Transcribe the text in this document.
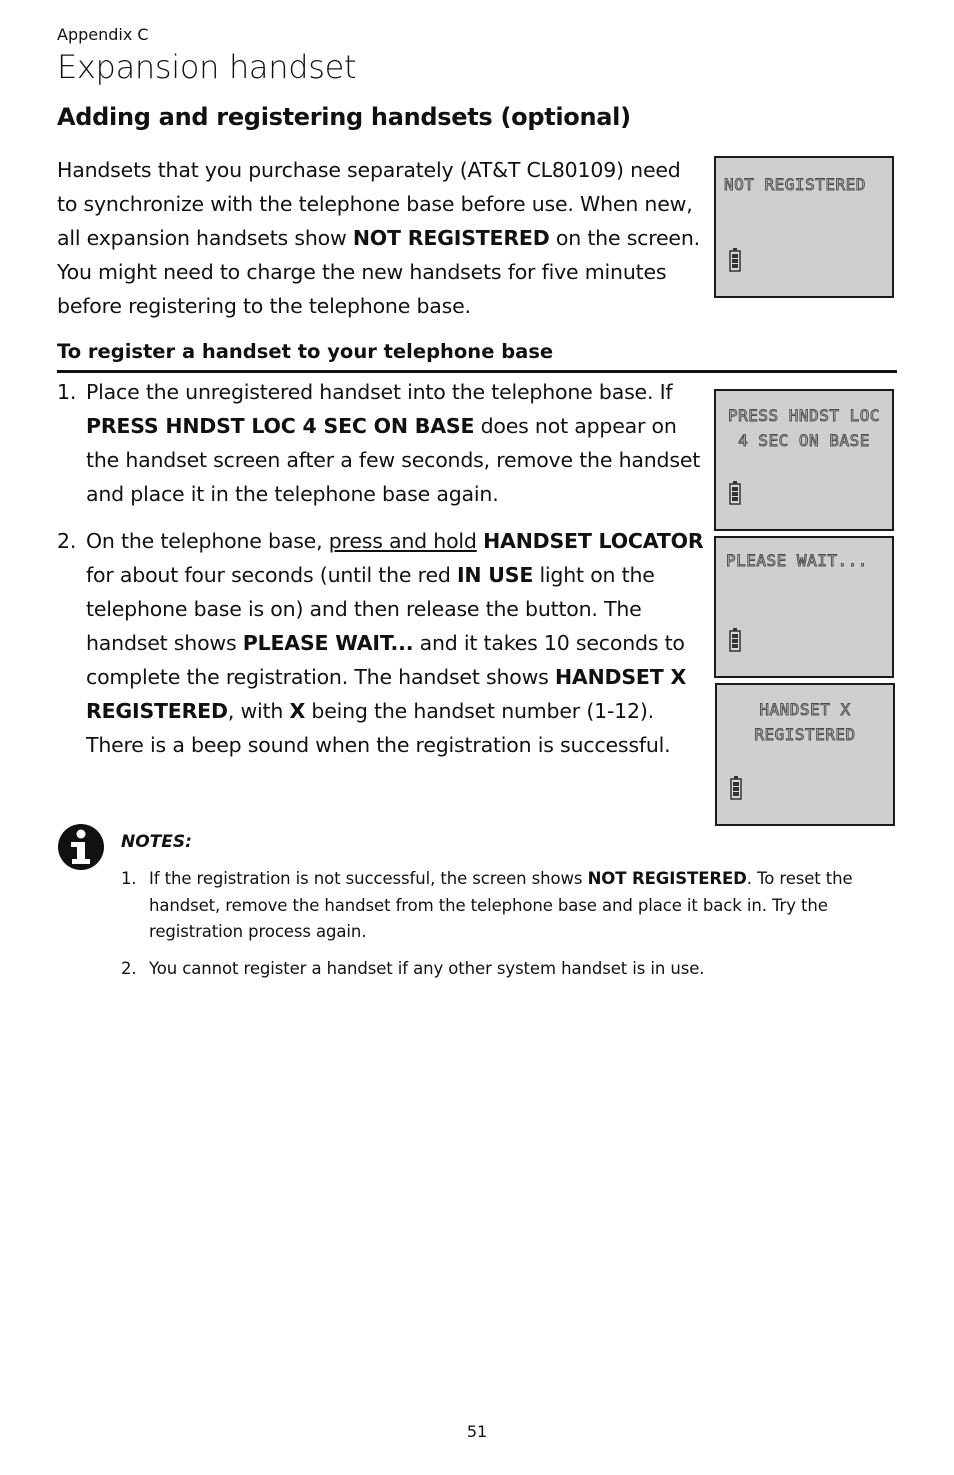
Appendix C
Expansion handset
Adding and registering handsets (optional)
Handsets that you purchase separately (AT&T CL80109) need to synchronize with the telephone base before use. When new, all expansion handsets show NOT REGISTERED on the screen. You might need to charge the new handsets for five minutes before registering to the telephone base.
To register a handset to your telephone base
1. Place the unregistered handset into the telephone base. If PRESS HNDST LOC 4 SEC ON BASE does not appear on the handset screen after a few seconds, remove the handset and place it in the telephone base again.
2. On the telephone base, press and hold HANDSET LOCATOR for about four seconds (until the red IN USE light on the telephone base is on) and then release the button. The handset shows PLEASE WAIT... and it takes 10 seconds to complete the registration. The handset shows HANDSET X REGISTERED, with X being the handset number (1-12). There is a beep sound when the registration is successful.
NOT REGISTERED
PRESS HNDST LOC
4 SEC ON BASE
PLEASE WAIT...
HANDSET X
REGISTERED
NOTES:
1. If the registration is not successful, the screen shows NOT REGISTERED. To reset the handset, remove the handset from the telephone base and place it back in. Try the registration process again.
2. You cannot register a handset if any other system handset is in use.
51
